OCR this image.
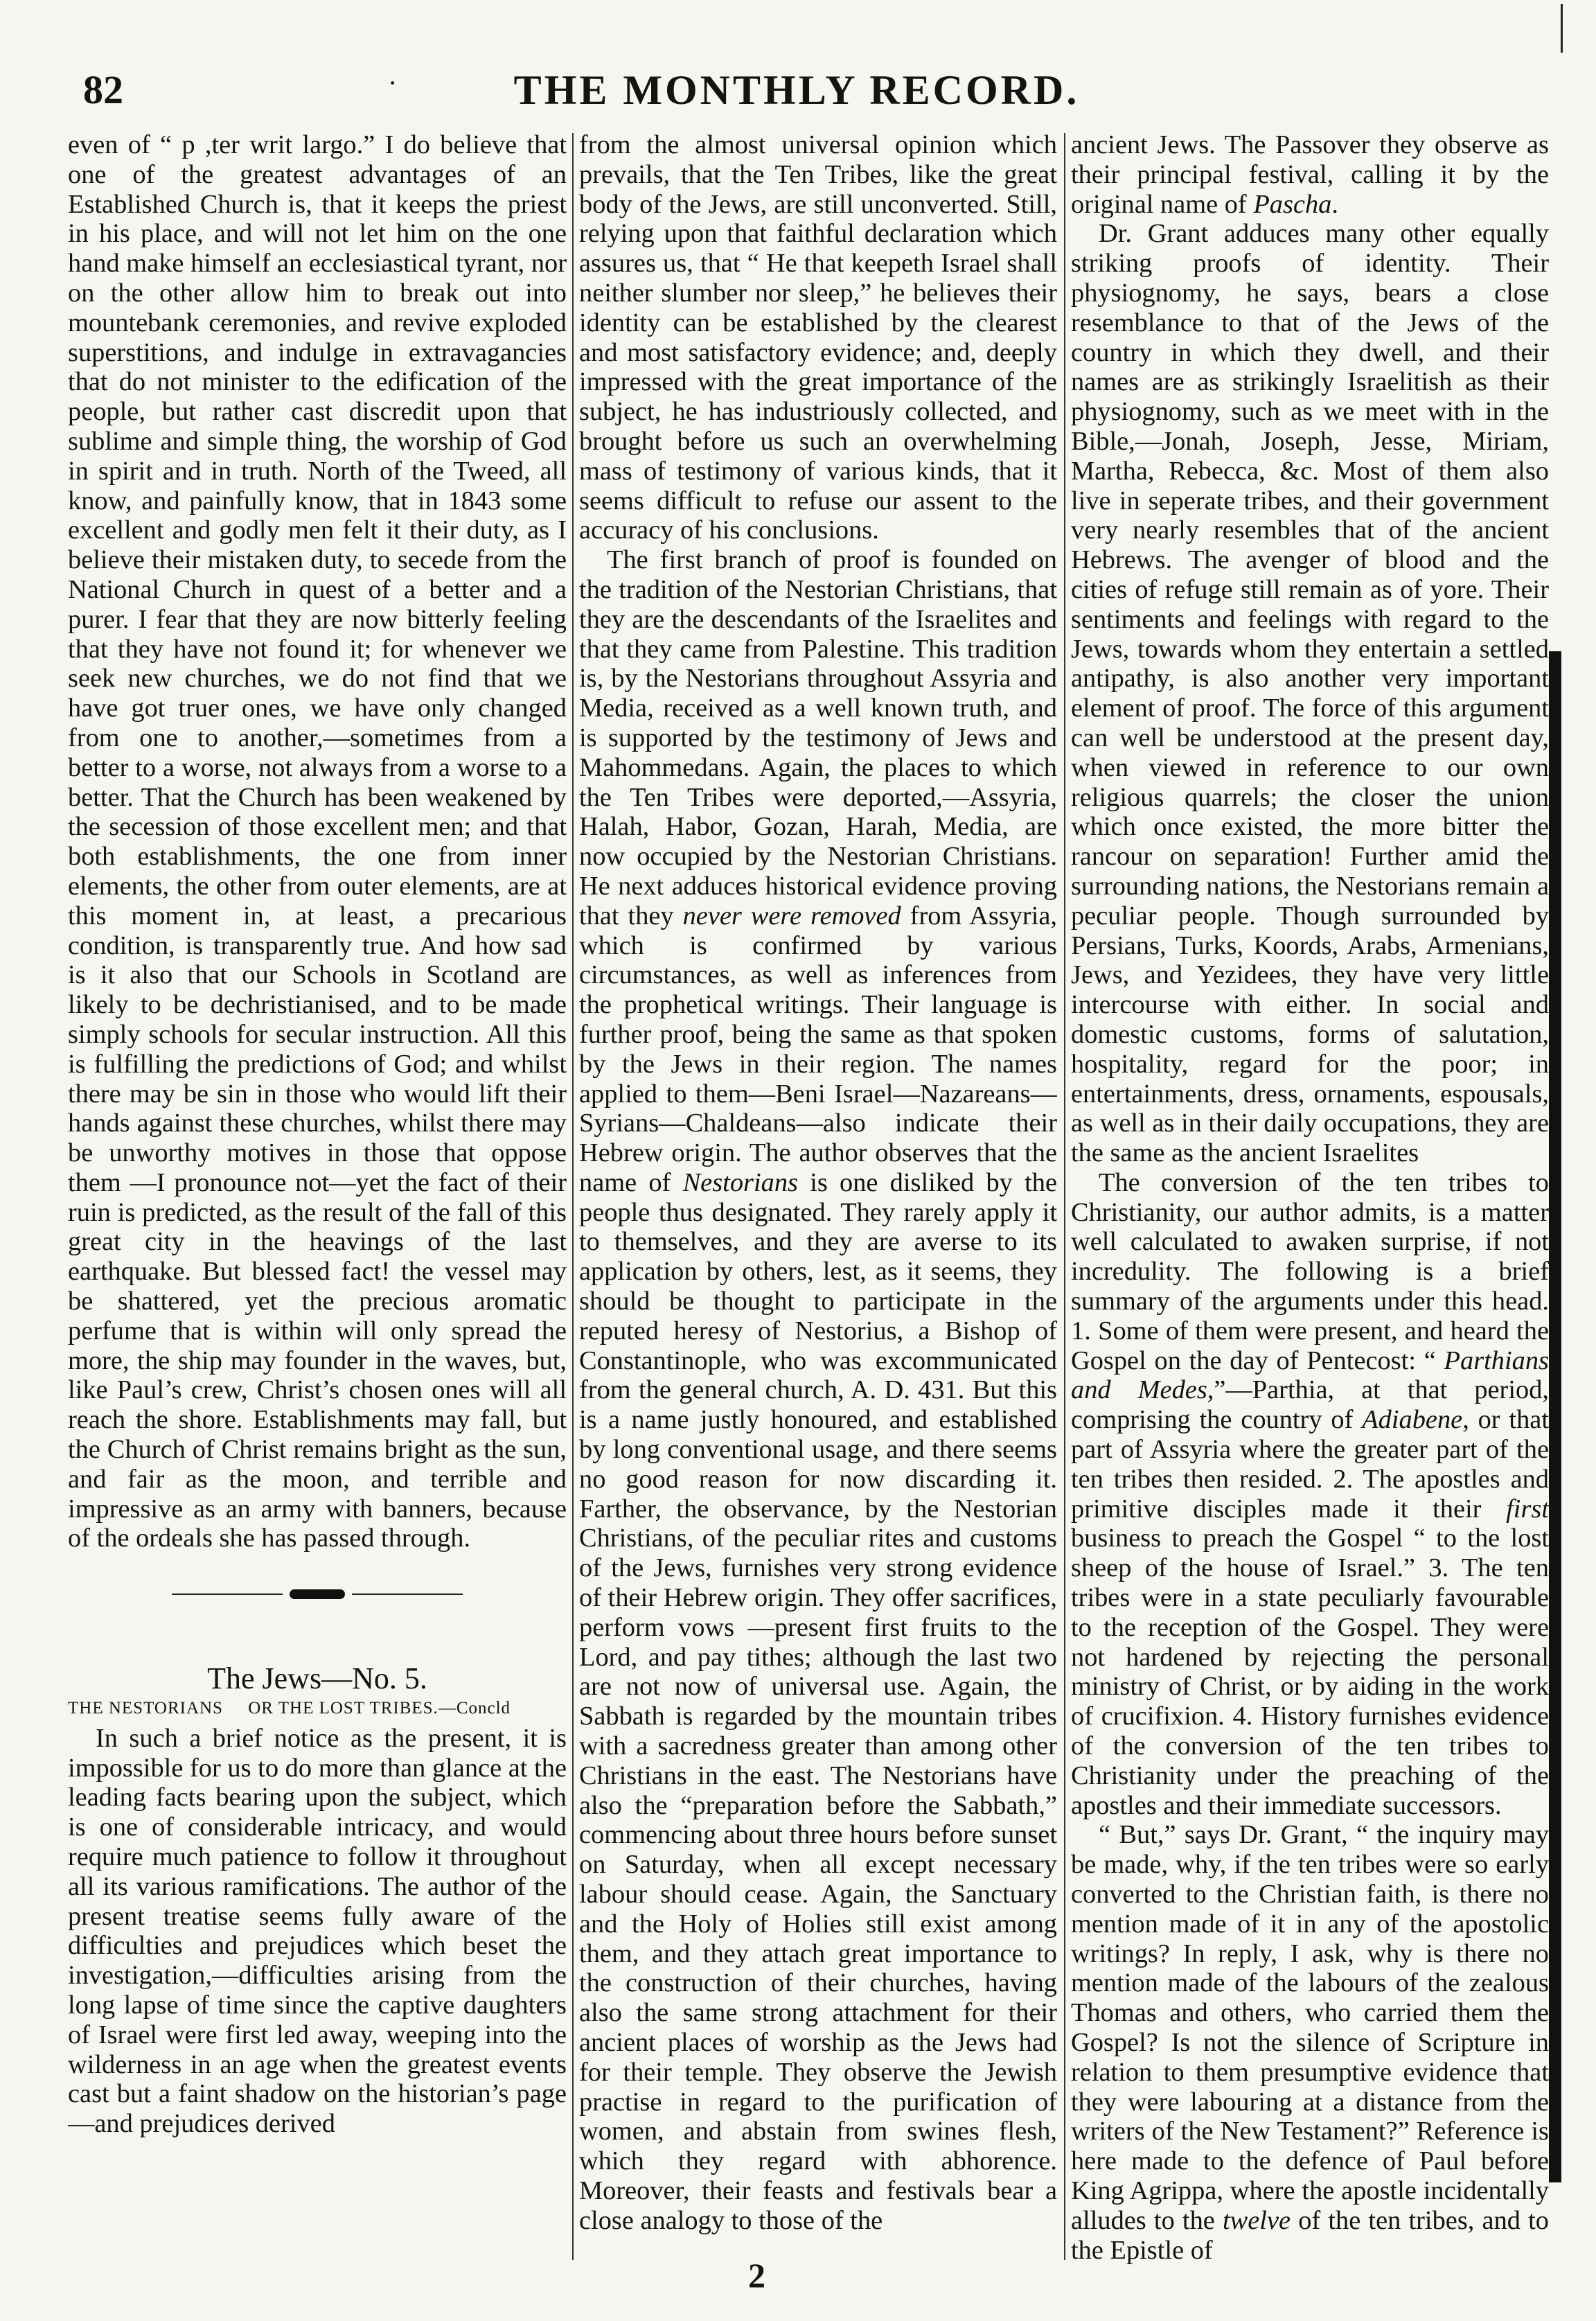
82	·	THE MONTHLY RECORD.

even of “ p ,ter writ largo.” I do believe that one of the greatest advantages of an Established Church is, that it keeps the priest in his place, and will not let him on the one hand make himself an ecclesiastical tyrant, nor on the other allow him to break out into mountebank ceremonies, and revive exploded superstitions, and indulge in extravagancies that do not minister to the edification of the people, but rather cast discredit upon that sublime and simple thing, the worship of God in spirit and in truth. North of the Tweed, all know, and painfully know, that in 1843 some excellent and godly men felt it their duty, as I believe their mistaken duty, to secede from the National Church in quest of a better and a purer. I fear that they are now bitterly feeling that they have not found it; for whenever we seek new churches, we do not find that we have got truer ones, we have only changed from one to another,—sometimes from a better to a worse, not always from a worse to a better. That the Church has been weakened by the secession of those excellent men; and that both establishments, the one from inner elements, the other from outer elements, are at this moment in, at least, a precarious condition, is transparently true. And how sad is it also that our Schools in Scotland are likely to be dechristianised, and to be made simply schools for secular instruction. All this is fulfilling the predictions of God; and whilst there may be sin in those who would lift their hands against these churches, whilst there may be unworthy motives in those that oppose them —I pronounce not—yet the fact of their ruin is predicted, as the result of the fall of this great city in the heavings of the last earthquake. But blessed fact! the vessel may be shattered, yet the precious aromatic perfume that is within will only spread the more, the ship may founder in the waves, but, like Paul’s crew, Christ’s chosen ones will all reach the shore. Establishments may fall, but the Church of Christ remains bright as the sun, and fair as the moon, and terrible and impressive as an army with banners, because of the ordeals she has passed through.

The Jews—No. 5.

THE NESTORIANS OR THE LOST TRIBES.—Concld

In such a brief notice as the present, it is impossible for us to do more than glance at the leading facts bearing upon the subject, which is one of considerable intricacy, and would require much patience to follow it throughout all its various ramifications. The author of the present treatise seems fully aware of the difficulties and prejudices which beset the investigation,—difficulties arising from the long lapse of time since the captive daughters of Israel were first led away, weeping into the wilderness in an age when the greatest events cast but a faint shadow on the historian’s page—and prejudices derived

from the almost universal opinion which prevails, that the Ten Tribes, like the great body of the Jews, are still unconverted. Still, relying upon that faithful declaration which assures us, that “ He that keepeth Israel shall neither slumber nor sleep,” he believes their identity can be established by the clearest and most satisfactory evidence; and, deeply impressed with the great importance of the subject, he has industriously collected, and brought before us such an overwhelming mass of testimony of various kinds, that it seems difficult to refuse our assent to the accuracy of his conclusions.

The first branch of proof is founded on the tradition of the Nestorian Christians, that they are the descendants of the Israelites and that they came from Palestine. This tradition is, by the Nestorians throughout Assyria and Media, received as a well known truth, and is supported by the testimony of Jews and Mahommedans. Again, the places to which the Ten Tribes were deported,—Assyria, Halah, Habor, Gozan, Harah, Media, are now occupied by the Nestorian Christians. He next adduces historical evidence proving that they never were removed from Assyria, which is confirmed by various circumstances, as well as inferences from the prophetical writings. Their language is further proof, being the same as that spoken by the Jews in their region. The names applied to them—Beni Israel—Nazareans—Syrians—Chaldeans—also indicate their Hebrew origin. The author observes that the name of Nestorians is one disliked by the people thus designated. They rarely apply it to themselves, and they are averse to its application by others, lest, as it seems, they should be thought to participate in the reputed heresy of Nestorius, a Bishop of Constantinople, who was excommunicated from the general church, A. D. 431. But this is a name justly honoured, and established by long conventional usage, and there seems no good reason for now discarding it. Farther, the observance, by the Nestorian Christians, of the peculiar rites and customs of the Jews, furnishes very strong evidence of their Hebrew origin. They offer sacrifices, perform vows —present first fruits to the Lord, and pay tithes; although the last two are not now of universal use. Again, the Sabbath is regarded by the mountain tribes with a sacredness greater than among other Christians in the east. The Nestorians have also the “preparation before the Sabbath,” commencing about three hours before sunset on Saturday, when all except necessary labour should cease. Again, the Sanctuary and the Holy of Holies still exist among them, and they attach great importance to the construction of their churches, having also the same strong attachment for their ancient places of worship as the Jews had for their temple. They observe the Jewish practise in regard to the purification of women, and abstain from swines flesh, which they regard with abhorence. Moreover, their feasts and festivals bear a close analogy to those of the

ancient Jews. The Passover they observe as their principal festival, calling it by the original name of Pascha.

Dr. Grant adduces many other equally striking proofs of identity. Their physiognomy, he says, bears a close resemblance to that of the Jews of the country in which they dwell, and their names are as strikingly Israelitish as their physiognomy, such as we meet with in the Bible,—Jonah, Joseph, Jesse, Miriam, Martha, Rebecca, &c. Most of them also live in seperate tribes, and their government very nearly resembles that of the ancient Hebrews. The avenger of blood and the cities of refuge still remain as of yore. Their sentiments and feelings with regard to the Jews, towards whom they entertain a settled antipathy, is also another very important element of proof. The force of this argument can well be understood at the present day, when viewed in reference to our own religious quarrels; the closer the union which once existed, the more bitter the rancour on separation! Further amid the surrounding nations, the Nestorians remain a peculiar people. Though surrounded by Persians, Turks, Koords, Arabs, Armenians, Jews, and Yezidees, they have very little intercourse with either. In social and domestic customs, forms of salutation, hospitality, regard for the poor; in entertainments, dress, ornaments, espousals, as well as in their daily occupations, they are the same as the ancient Israelites

The conversion of the ten tribes to Christianity, our author admits, is a matter well calculated to awaken surprise, if not incredulity. The following is a brief summary of the arguments under this head. 1. Some of them were present, and heard the Gospel on the day of Pentecost: “ Parthians and Medes,”—Parthia, at that period, comprising the country of Adiabene, or that part of Assyria where the greater part of the ten tribes then resided. 2. The apostles and primitive disciples made it their first business to preach the Gospel “ to the lost sheep of the house of Israel.” 3. The ten tribes were in a state peculiarly favourable to the reception of the Gospel. They were not hardened by rejecting the personal ministry of Christ, or by aiding in the work of crucifixion. 4. History furnishes evidence of the conversion of the ten tribes to Christianity under the preaching of the apostles and their immediate successors.

“ But,” says Dr. Grant, “ the inquiry may be made, why, if the ten tribes were so early converted to the Christian faith, is there no mention made of it in any of the apostolic writings? In reply, I ask, why is there no mention made of the labours of the zealous Thomas and others, who carried them the Gospel? Is not the silence of Scripture in relation to them presumptive evidence that they were labouring at a distance from the writers of the New Testament?” Reference is here made to the defence of Paul before King Agrippa, where the apostle incidentally alludes to the twelve of the ten tribes, and to the Epistle of

2
